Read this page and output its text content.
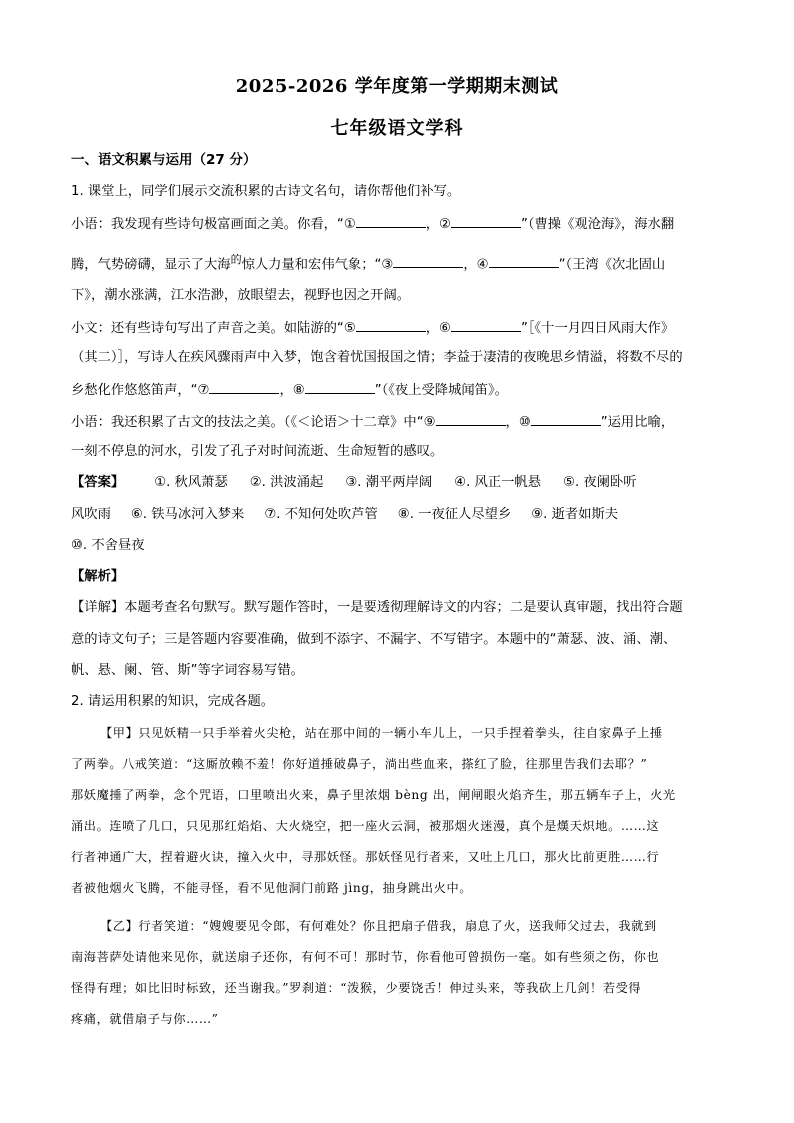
2025-2026 学年度第一学期期末测试
七年级语文学科
一、语文积累与运用（27 分）
1. 课堂上，同学们展示交流积累的古诗文名句，请你帮他们补写。
小语：我发现有些诗句极富画面之美。你看，“①	，②	”（曹操《观沧海》，海水翻
腾，气势磅礴，显示了大海$^的$惊人力量和宏伟气象；“③	，④	”（王湾《次北固山
下》，潮水涨满，江水浩渺，放眼望去，视野也因之开阔。
小文：还有些诗句写出了声音之美。如陆游的“⑤	，⑥	”［《十一月四日风雨大作》
（其二）］，写诗人在疾风骤雨声中入梦，饱含着忧国报国之情；李益于凄清的夜晚思乡情溢，将数不尽的
乡愁化作悠悠笛声，“⑦	，⑧	”（《夜上受降城闻笛》。
小语：我还积累了古文的技法之美。（《＜论语＞十二章》中“⑨	，⑩	”运用比喻，
一刻不停息的河水，引发了孔子对时间流逝、生命短暂的感叹。
【答案】 ①. 秋风萧瑟 ②. 洪波涌起 ③. 潮平两岸阔 ④. 风正一帆悬 ⑤. 夜阑卧听
风吹雨 ⑥. 铁马冰河入梦来 ⑦. 不知何处吹芦管 ⑧. 一夜征人尽望乡 ⑨. 逝者如斯夫
⑩. 不舍昼夜
【解析】
【详解】本题考查名句默写。默写题作答时，一是要透彻理解诗文的内容；二是要认真审题，找出符合题
意的诗文句子；三是答题内容要准确，做到不添字、不漏字、不写错字。本题中的“萧瑟、波、涌、潮、
帆、悬、阑、管、斯”等字词容易写错。
2. 请运用积累的知识，完成各题。
【甲】只见妖精一只手举着火尖枪，站在那中间的一辆小车儿上，一只手捏着拳头，往自家鼻子上捶
了两拳。八戒笑道：“这厮放赖不羞！你好道捶破鼻子，淌出些血来，搽红了脸，往那里告我们去耶？”
那妖魔捶了两拳，念个咒语，口里喷出火来，鼻子里浓烟 bèng 出，闸闸眼火焰齐生，那五辆车子上，火光
涌出。连喷了几口，只见那红焰焰、大火烧空，把一座火云洞，被那烟火迷漫，真个是熯天炽地。……这
行者神通广大，捏着避火诀，撞入火中，寻那妖怪。那妖怪见行者来，又吐上几口，那火比前更胜……行
者被他烟火飞腾，不能寻怪，看不见他洞门前路 jìng，抽身跳出火中。
【乙】行者笑道：“嫂嫂要见令郎，有何难处？你且把扇子借我，扇息了火，送我师父过去，我就到
南海菩萨处请他来见你，就送扇子还你，有何不可！那时节，你看他可曾损伤一毫。如有些须之伤，你也
怪得有理；如比旧时标致，还当谢我。”罗刹道：“泼猴，少要饶舌！伸过头来，等我砍上几剑！若受得
疼痛，就借扇子与你……”
